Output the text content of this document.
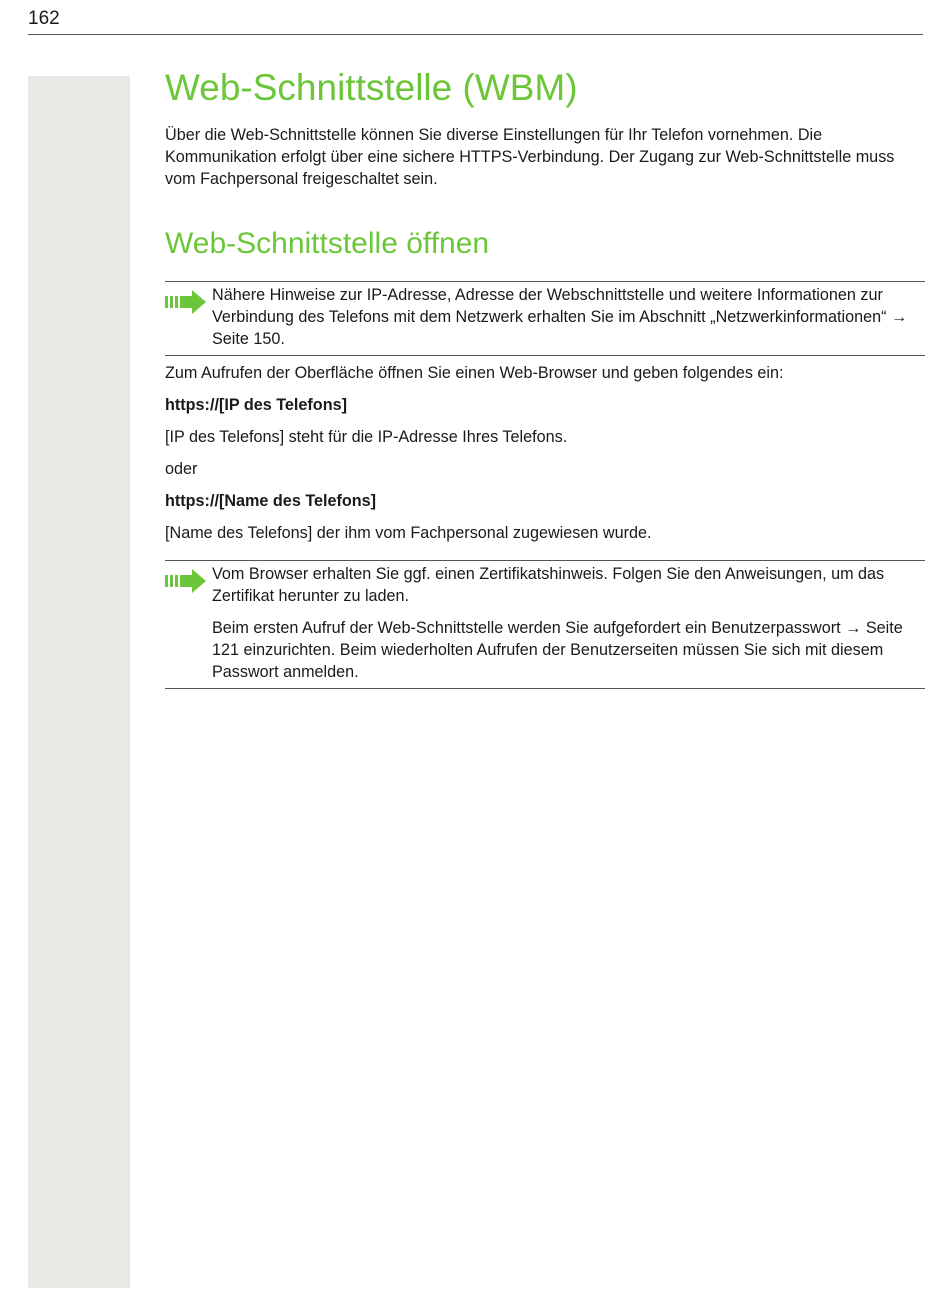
162
Web-Schnittstelle (WBM)

Über die Web-Schnittstelle können Sie diverse Einstellungen für Ihr Telefon vornehmen. Die Kommunikation erfolgt über eine sichere HTTPS-Verbindung. Der Zugang zur Web-Schnittstelle muss vom Fachpersonal freigeschaltet sein.

Web-Schnittstelle öffnen

Nähere Hinweise zur IP-Adresse, Adresse der Webschnittstelle und weitere Informationen zur Verbindung des Telefons mit dem Netzwerk erhalten Sie im Abschnitt „Netzwerkinformationen“ → Seite 150.

Zum Aufrufen der Oberfläche öffnen Sie einen Web-Browser und geben folgendes ein:

https://[IP des Telefons]

[IP des Telefons] steht für die IP-Adresse Ihres Telefons.

oder

https://[Name des Telefons]

[Name des Telefons] der ihm vom Fachpersonal zugewiesen wurde.

Vom Browser erhalten Sie ggf. einen Zertifikatshinweis. Folgen Sie den Anweisungen, um das Zertifikat herunter zu laden.

Beim ersten Aufruf der Web-Schnittstelle werden Sie aufgefordert ein Benutzerpasswort → Seite 121 einzurichten. Beim wiederholten Aufrufen der Benutzerseiten müssen Sie sich mit diesem Passwort anmelden.
